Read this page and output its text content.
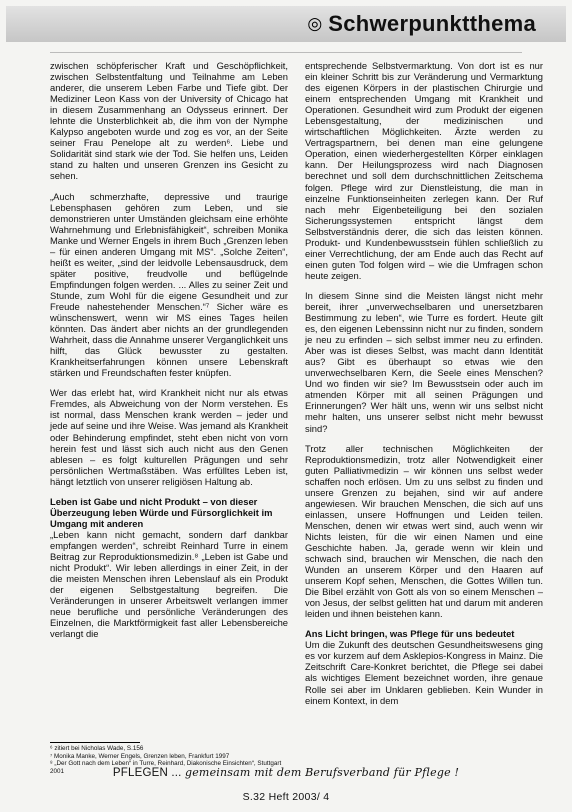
◎ Schwerpunktthema

zwischen schöpferischer Kraft und Geschöpflichkeit, zwischen Selbstentfaltung und Teilnahme am Leben anderer, die unserem Leben Farbe und Tiefe gibt. Der Mediziner Leon Kass von der University of Chicago hat in diesem Zusammenhang an Odysseus erinnert. Der lehnte die Unsterblichkeit ab, die ihm von der Nymphe Kalypso angeboten wurde und zog es vor, an der Seite seiner Frau Penelope alt zu werden⁶. Liebe und Solidarität sind stark wie der Tod. Sie helfen uns, Leiden stand zu halten und unseren Grenzen ins Gesicht zu sehen.

„Auch schmerzhafte, depressive und traurige Lebensphasen gehören zum Leben, und sie demonstrieren unter Umständen gleichsam eine erhöhte Wahrnehmung und Erlebnisfähigkeit“, schreiben Monika Manke und Werner Engels in ihrem Buch „Grenzen leben – für einen anderen Umgang mit MS“. „Solche Zeiten“, heißt es weiter, „sind der leidvolle Lebensausdruck, dem später positive, freudvolle und beflügelnde Empfindungen folgen werden. ... Alles zu seiner Zeit und Stunde, zum Wohl für die eigene Gesundheit und zur Freude nahestehender Menschen.“⁷ Sicher wäre es wünschenswert, wenn wir MS eines Tages heilen könnten. Das ändert aber nichts an der grundlegenden Wahrheit, dass die Annahme unserer Verganglichkeit uns hilft, das Glück bewusster zu gestalten. Krankheitserfahrungen können unsere Lebenskraft stärken und Freundschaften fester knüpfen.

Wer das erlebt hat, wird Krankheit nicht nur als etwas Fremdes, als Abweichung von der Norm verstehen. Es ist normal, dass Menschen krank werden – jeder und jede auf seine und ihre Weise. Was jemand als Krankheit oder Behinderung empfindet, steht eben nicht von vorn herein fest und lässt sich auch nicht aus den Genen ablesen – es folgt kulturellen Prägungen und sehr persönlichen Wertmaßstäben. Was erfülltes Leben ist, hängt letztlich von unserer religiösen Haltung ab.

Leben ist Gabe und nicht Produkt – von dieser Überzeugung leben Würde und Fürsorglichkeit im Umgang mit anderen

„Leben kann nicht gemacht, sondern darf dankbar empfangen werden“, schreibt Reinhard Turre in einem Beitrag zur Reproduktionsmedizin.⁸ „Leben ist Gabe und nicht Produkt“. Wir leben allerdings in einer Zeit, in der die meisten Menschen ihren Lebenslauf als ein Produkt der eigenen Selbstgestaltung begreifen. Die Veränderungen in unserer Arbeitswelt verlangen immer neue berufliche und persönliche Veränderungen des Einzelnen, die Marktförmigkeit fast aller Lebensbereiche verlangt die

entsprechende Selbstvermarktung. Von dort ist es nur ein kleiner Schritt bis zur Veränderung und Vermarktung des eigenen Körpers in der plastischen Chirurgie und einem entsprechenden Umgang mit Krankheit und Operationen. Gesundheit wird zum Produkt der eigenen Lebensgestaltung, der medizinischen und wirtschaftlichen Möglichkeiten. Ärzte werden zu Vertragspartnern, bei denen man eine gelungene Operation, einen wiederhergestellten Körper einklagen kann. Der Heilungsprozess wird nach Diagnosen berechnet und soll dem durchschnittlichen Zeitschema folgen. Pflege wird zur Dienstleistung, die man in einzelne Funktionseinheiten zerlegen kann. Der Ruf nach mehr Eigenbeteiligung bei den sozialen Sicherungssystemen entspricht längst dem Selbstverständnis derer, die sich das leisten können. Produkt- und Kundenbewusstsein fühlen schließlich zu einer Verrechtlichung, der am Ende auch das Recht auf einen guten Tod folgen wird – wie die Umfragen schon heute zeigen.

In diesem Sinne sind die Meisten längst nicht mehr bereit, ihrer „unverwechselbaren und unersetzbaren Bestimmung zu leben“, wie Turre es fordert. Heute gilt es, den eigenen Lebenssinn nicht nur zu finden, sondern je neu zu erfinden – sich selbst immer neu zu erfinden. Aber was ist dieses Selbst, was macht dann Identität aus? Gibt es überhaupt so etwas wie den unverwechselbaren Kern, die Seele eines Menschen? Und wo finden wir sie? Im Bewusstsein oder auch im atmenden Körper mit all seinen Prägungen und Erinnerungen? Wer hält uns, wenn wir uns selbst nicht mehr halten, uns unserer selbst nicht mehr bewusst sind?

Trotz aller technischen Möglichkeiten der Reproduktionsmedizin, trotz aller Notwendigkeit einer guten Palliativmedizin – wir können uns selbst weder schaffen noch erlösen. Um zu uns selbst zu finden und unsere Grenzen zu bejahen, sind wir auf andere angewiesen. Wir brauchen Menschen, die sich auf uns einlassen, unsere Hoffnungen und Leiden teilen. Menschen, denen wir etwas wert sind, auch wenn wir Nichts leisten, für die wir einen Namen und eine Geschichte haben. Ja, gerade wenn wir klein und schwach sind, brauchen wir Menschen, die nach den Wunden an unserem Körper und den Haaren auf unserem Kopf sehen, Menschen, die Gottes Willen tun. Die Bibel erzählt von Gott als von so einem Menschen – von Jesus, der selbst gelitten hat und darum mit anderen leiden und ihnen beistehen kann.

Ans Licht bringen, was Pflege für uns bedeutet

Um die Zukunft des deutschen Gesundheitswesens ging es vor kurzem auf dem Asklepios-Kongress in Mainz. Die Zeitschrift Care-Konkret berichtet, die Pflege sei dabei als wichtiges Element bezeichnet worden, ihre genaue Rolle sei aber im Unklaren geblieben. Kein Wunder in einem Kontext, in dem

⁶ zitiert bei Nicholas Wade, S.156

⁷ Monika Manke, Werner Engels, Grenzen leben, Frankfurt 1997

⁸ „Der Gott nach dem Leben“ in Turre, Reinhard, Diakonische Einsichten“, Stuttgart 2001	PFLEGEN ... gemeinsam mit dem Berufsverband für Pflege !
S.32 Heft 2003/ 4
